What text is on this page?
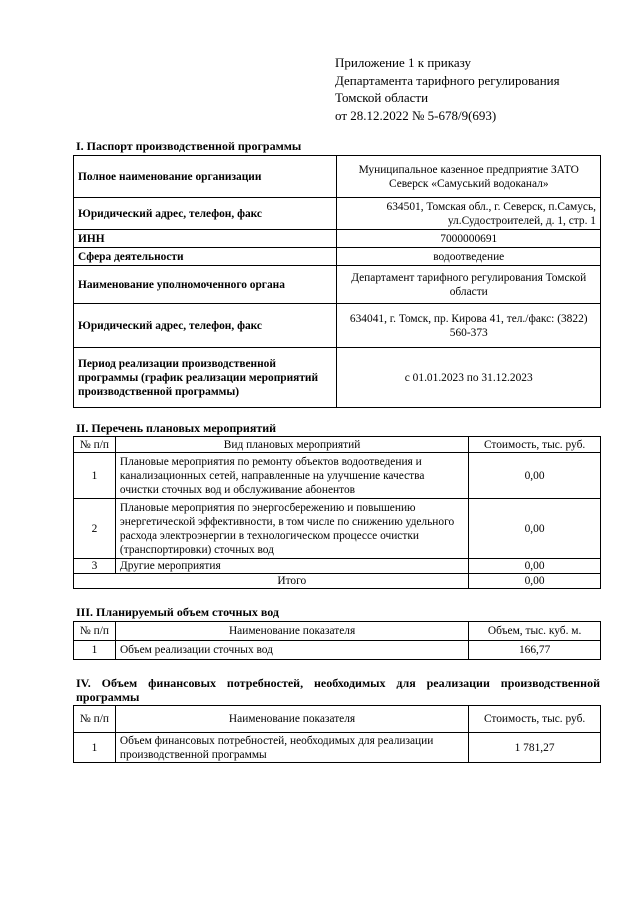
Приложение 1 к приказу
Департамента тарифного регулирования
Томской области
от 28.12.2022 № 5-678/9(693)
I. Паспорт производственной программы
Полное наименование организации	Муниципальное казенное предприятие ЗАТО Северск «Самуський водоканал»
Юридический адрес, телефон, факс	634501, Томская обл., г. Северск, п.Самусь, ул.Судостроителей, д. 1, стр. 1
ИНН	7000000691
Сфера деятельности	водоотведение
Наименование уполномоченного органа	Департамент тарифного регулирования Томской области
Юридический адрес, телефон, факс	634041, г. Томск, пр. Кирова 41, тел./факс: (3822) 560-373
Период реализации производственной программы (график реализации мероприятий производственной программы)	с 01.01.2023 по 31.12.2023
II. Перечень плановых мероприятий
№ п/п	Вид плановых мероприятий	Стоимость, тыс. руб.
1	Плановые мероприятия по ремонту объектов водоотведения и канализационных сетей, направленные на улучшение качества очистки сточных вод и обслуживание абонентов	0,00
2	Плановые мероприятия по энергосбережению и повышению энергетической эффективности, в том числе по снижению удельного расхода электроэнергии в технологическом процессе очистки (транспортировки) сточных вод	0,00
3	Другие мероприятия	0,00
	Итого	0,00
III. Планируемый объем сточных вод
№ п/п	Наименование показателя	Объем, тыс. куб. м.
1	Объем реализации сточных вод	166,77
IV. Объем финансовых потребностей, необходимых для реализации производственной программы
№ п/п	Наименование показателя	Стоимость, тыс. руб.
1	Объем финансовых потребностей, необходимых для реализации производственной программы	1 781,27
